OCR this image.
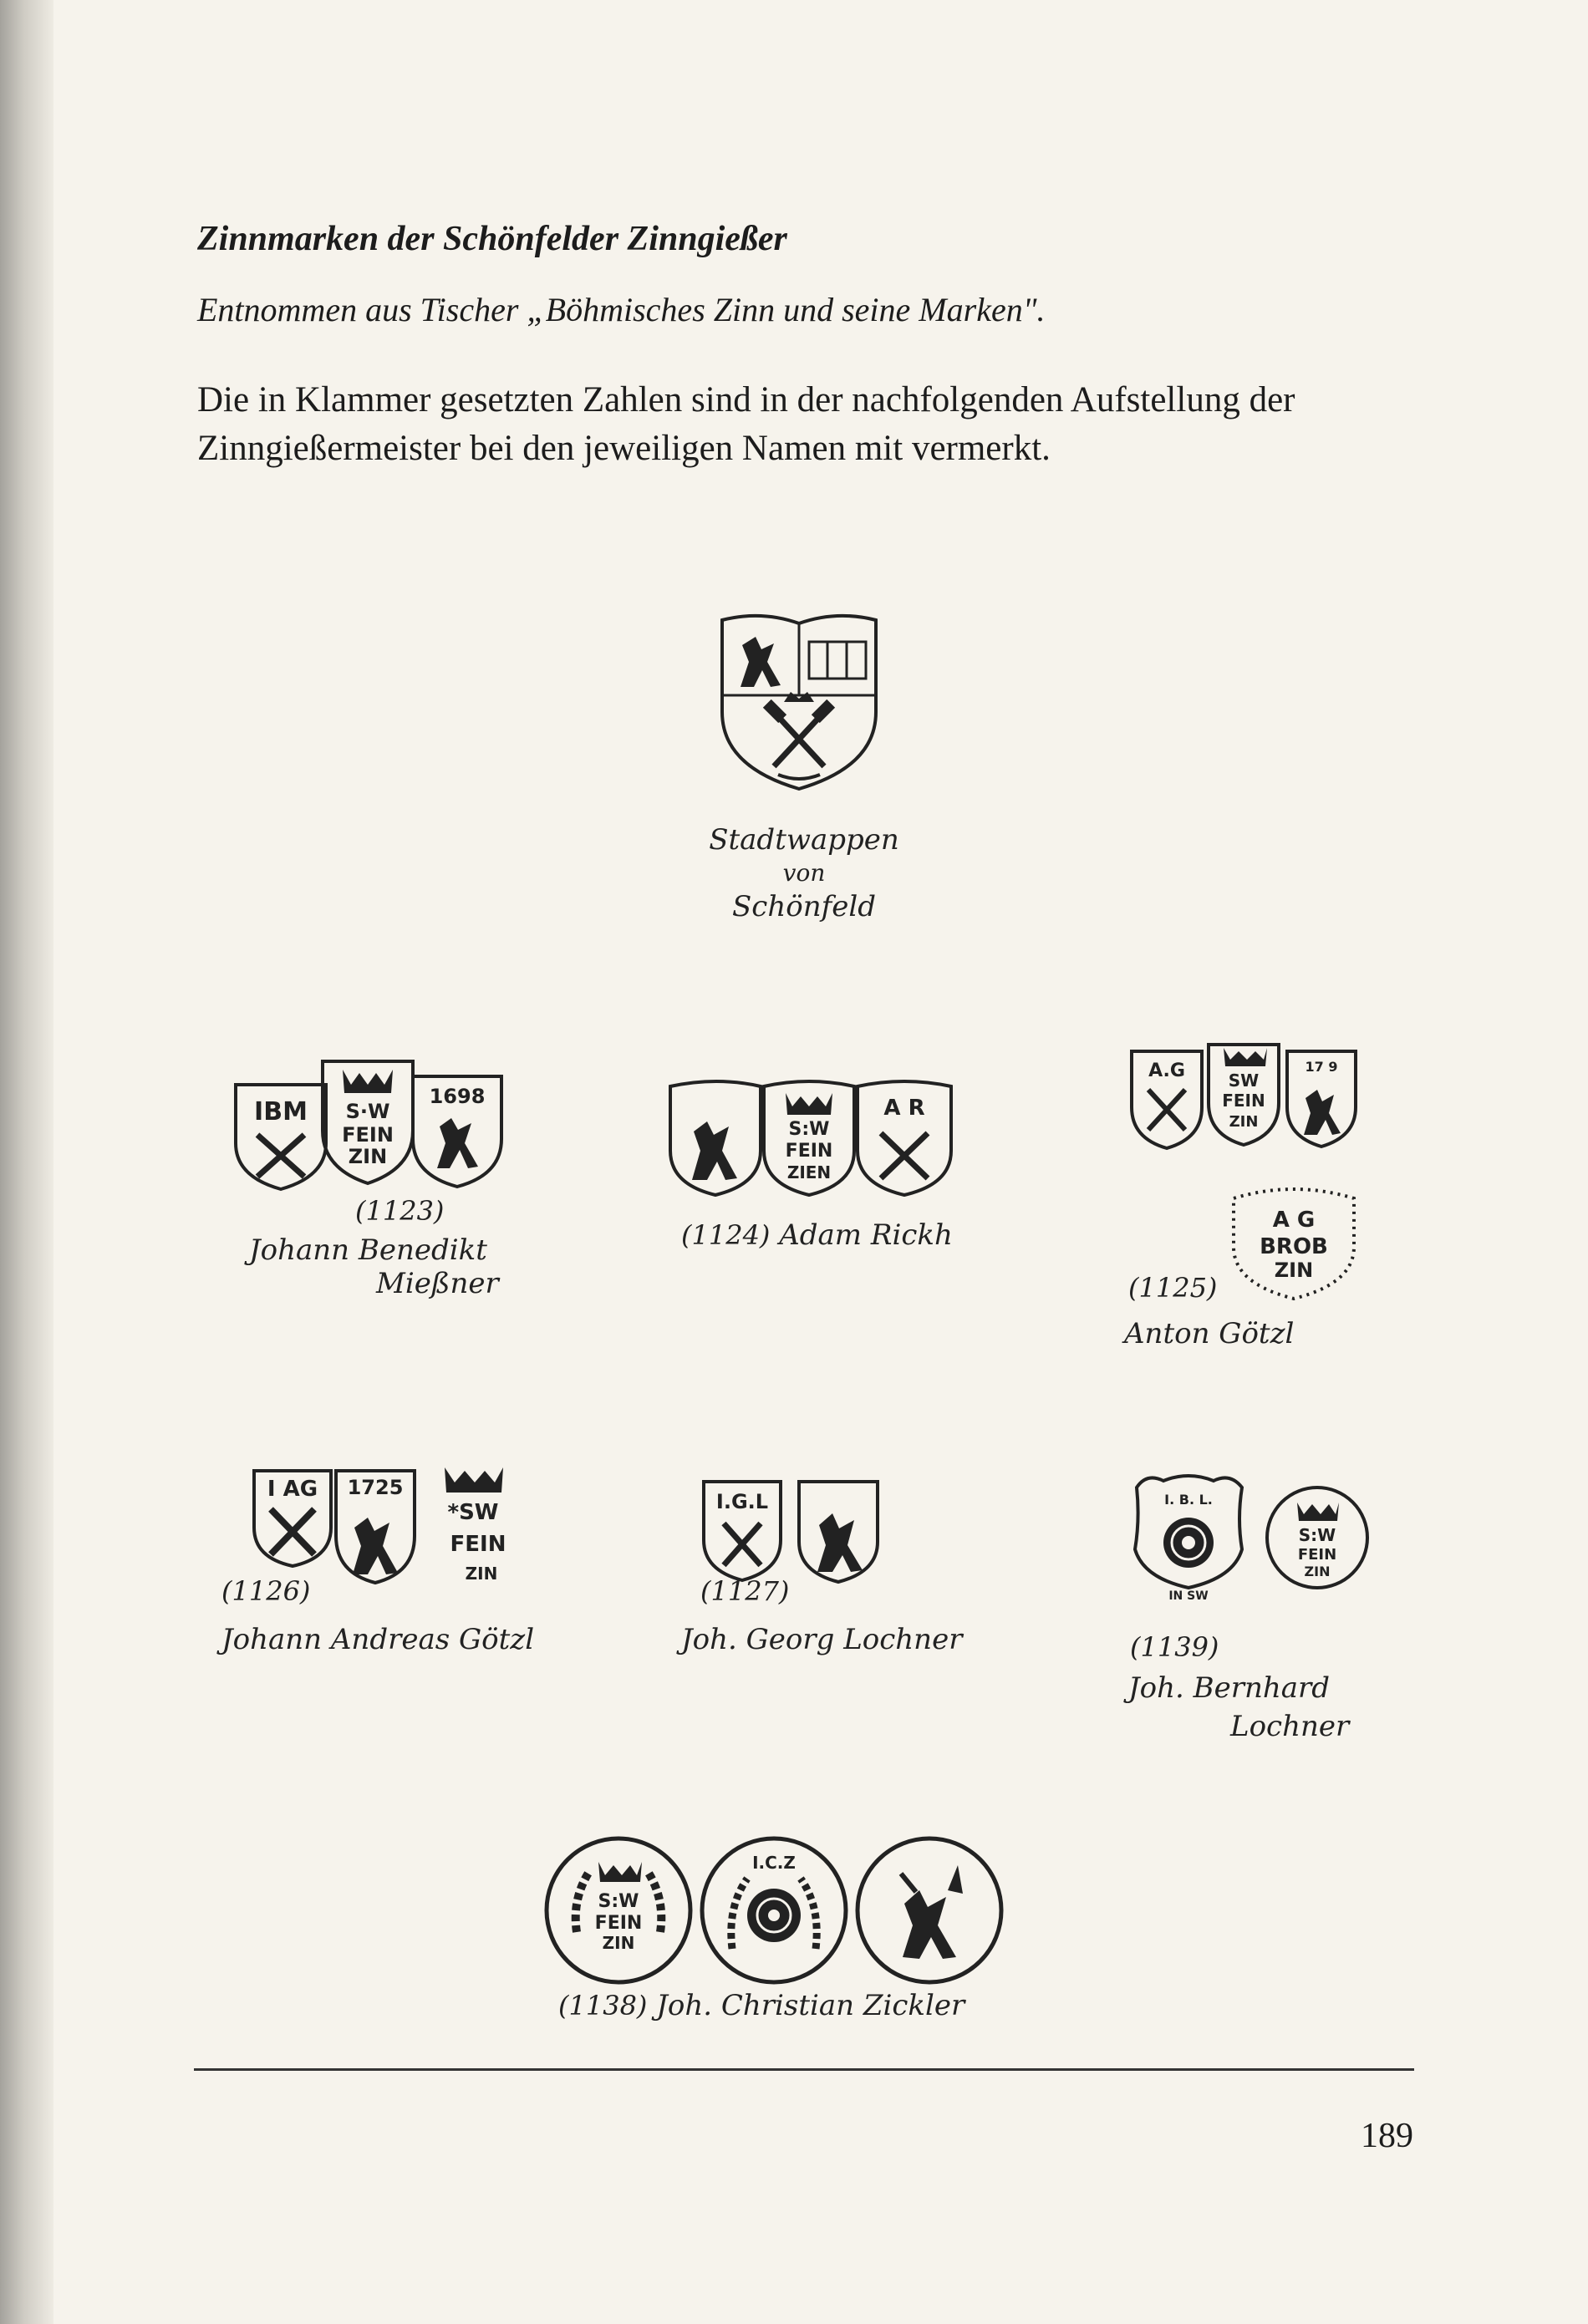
Zinnmarken der Schönfelder Zinngießer

Entnommen aus Tischer „Böhmisches Zinn und seine Marken".

Die in Klammer gesetzten Zahlen sind in der nachfolgenden Aufstellung der Zinngießermeister bei den jeweiligen Namen mit vermerkt.

Stadtwappen
von
Schönfeld
IBM S·W
FEIN
ZIN
1698
(1123)
Johann Benedikt
Mießner
S:W
FEIN
ZIEN
A R
(1124) Adam Rickh
A.G	SW
FEIN
ZIN
17 9
A G
BROB
ZIN
(1125)
Anton Götzl
I AG 1725
*SW
FEIN
ZIN
(1126)
Johann Andreas Götzl
I.G.L
(1127)
Joh. Georg Lochner
I. B. L.
IN SW
S:W
FEIN
ZIN
(1139)
Joh. Bernhard
Lochner
S:W
FEIN
ZIN
I.C.Z
(1138) Joh. Christian Zickler
189
